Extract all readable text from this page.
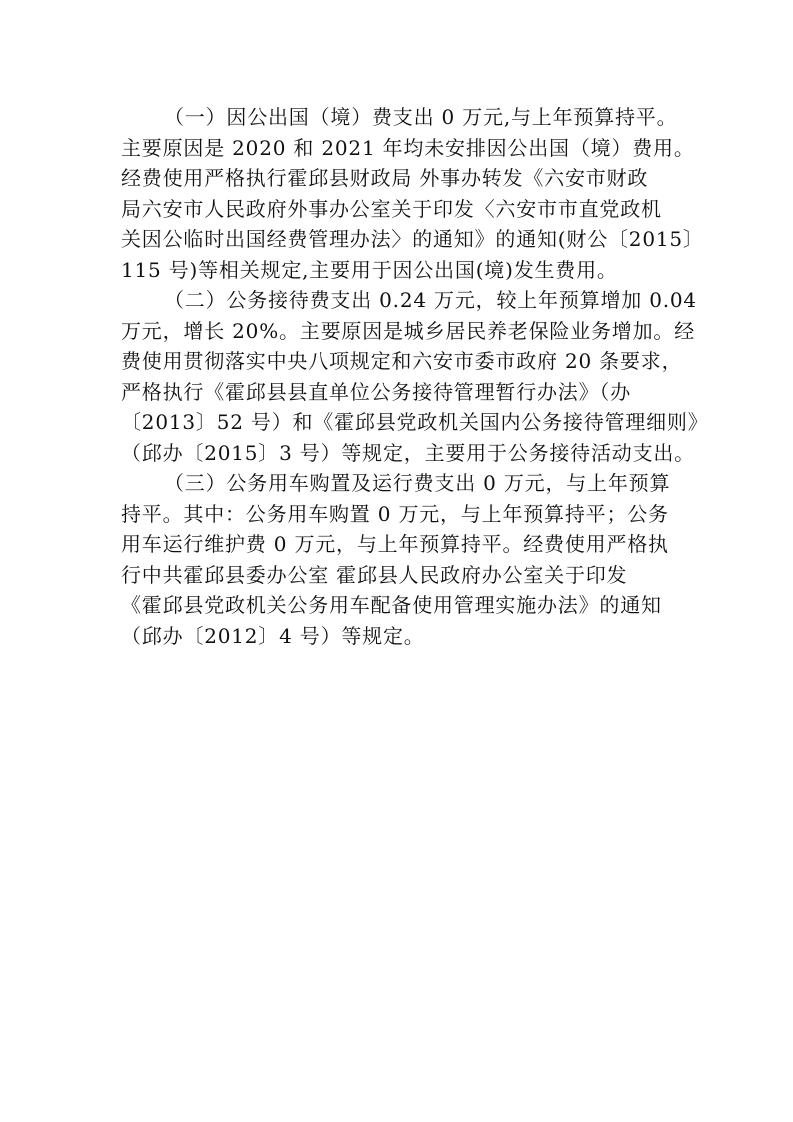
（一）因公出国（境）费支出 0 万元,与上年预算持平。
主要原因是 2020 和 2021 年均未安排因公出国（境）费用。
经费使用严格执行霍邱县财政局 外事办转发《六安市财政
局六安市人民政府外事办公室关于印发〈六安市市直党政机
关因公临时出国经费管理办法〉的通知》的通知(财公〔2015〕
115 号)等相关规定,主要用于因公出国(境)发生费用。
（二）公务接待费支出 0.24 万元，较上年预算增加 0.04
万元，增长 20%。主要原因是城乡居民养老保险业务增加。经
费使用贯彻落实中央八项规定和六安市委市政府 20 条要求，
严格执行《霍邱县县直单位公务接待管理暂行办法》（办
〔2013〕52 号）和《霍邱县党政机关国内公务接待管理细则》
（邱办〔2015〕3 号）等规定，主要用于公务接待活动支出。
（三）公务用车购置及运行费支出 0 万元，与上年预算
持平。其中：公务用车购置 0 万元，与上年预算持平；公务
用车运行维护费 0 万元，与上年预算持平。经费使用严格执
行中共霍邱县委办公室 霍邱县人民政府办公室关于印发
《霍邱县党政机关公务用车配备使用管理实施办法》的通知
（邱办〔2012〕4 号）等规定。
